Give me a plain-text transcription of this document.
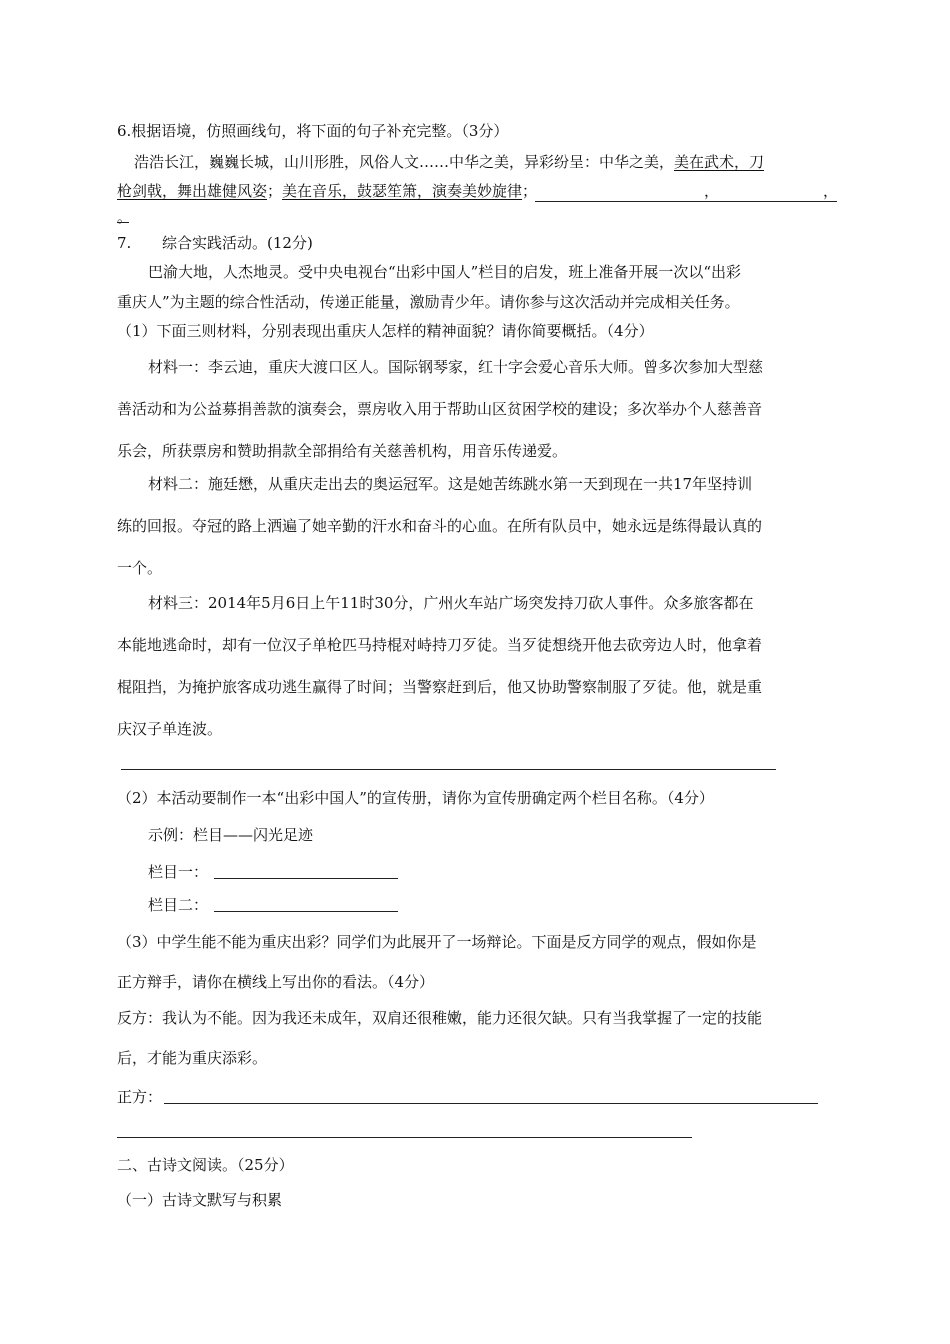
6.根据语境，仿照画线句，将下面的句子补充完整。（3分）
浩浩长江，巍巍长城，山川形胜，风俗人文……中华之美，异彩纷呈：中华之美，美在武术，刀
枪剑戟，舞出雄健风姿；美在音乐，鼓瑟笙箫，演奏美妙旋律；	，	，
。
7. 综合实践活动。(12分)
巴渝大地，人杰地灵。受中央电视台“出彩中国人”栏目的启发，班上准备开展一次以“出彩
重庆人”为主题的综合性活动，传递正能量，激励青少年。请你参与这次活动并完成相关任务。
（1）下面三则材料，分别表现出重庆人怎样的精神面貌？请你简要概括。（4分）
材料一：李云迪，重庆大渡口区人。国际钢琴家，红十字会爱心音乐大师。曾多次参加大型慈
善活动和为公益募捐善款的演奏会，票房收入用于帮助山区贫困学校的建设；多次举办个人慈善音
乐会，所获票房和赞助捐款全部捐给有关慈善机构，用音乐传递爱。
材料二：施廷懋，从重庆走出去的奥运冠军。这是她苦练跳水第一天到现在一共17年坚持训
练的回报。夺冠的路上洒遍了她辛勤的汗水和奋斗的心血。在所有队员中，她永远是练得最认真的
一个。
材料三：2014年5月6日上午11时30分，广州火车站广场突发持刀砍人事件。众多旅客都在
本能地逃命时，却有一位汉子单枪匹马持棍对峙持刀歹徒。当歹徒想绕开他去砍旁边人时，他拿着
棍阻挡，为掩护旅客成功逃生赢得了时间；当警察赶到后，他又协助警察制服了歹徒。他，就是重
庆汉子单连波。
（2）本活动要制作一本“出彩中国人”的宣传册，请你为宣传册确定两个栏目名称。（4分）
示例：栏目——闪光足迹
栏目一：
栏目二：
（3）中学生能不能为重庆出彩？同学们为此展开了一场辩论。下面是反方同学的观点，假如你是
正方辩手，请你在横线上写出你的看法。（4分）
反方：我认为不能。因为我还未成年，双肩还很稚嫩，能力还很欠缺。只有当我掌握了一定的技能
后，才能为重庆添彩。
正方：
二、古诗文阅读。（25分）
（一）古诗文默写与积累
